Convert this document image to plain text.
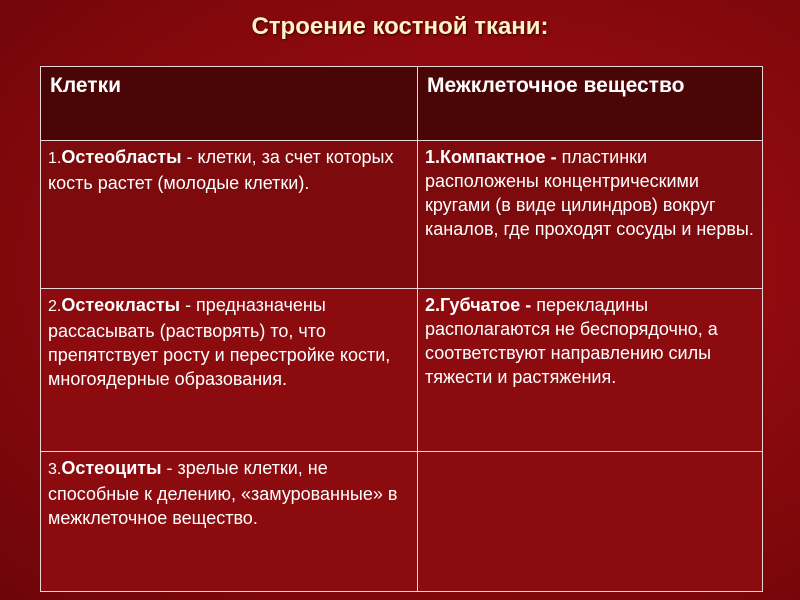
Строение костной ткани:
Клетки	Межклеточное вещество
1.Остеобласты - клетки, за счет которых кость растет (молодые клетки).	1.Компактное - пластинки расположены концентрическими кругами (в виде цилиндров) вокруг каналов, где проходят сосуды и нервы.
2.Остеокласты - предназначены рассасывать (растворять) то, что препятствует росту и перестройке кости, многоядерные образования.	2.Губчатое - перекладины располагаются не беспорядочно, а соответствуют направлению силы тяжести и растяжения.
3.Остеоциты - зрелые клетки, не способные к делению, «замурованные» в межклеточное вещество.	
